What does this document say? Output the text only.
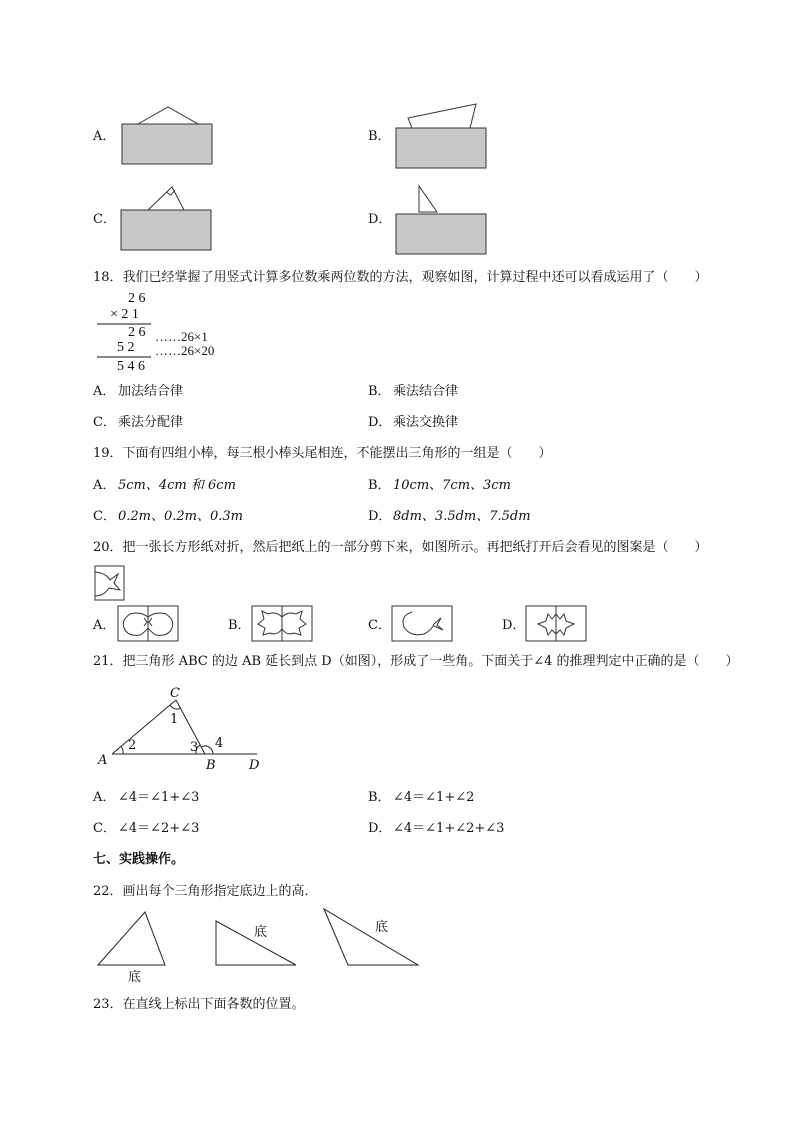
A．	B．
C．	D．
18．我们已经掌握了用竖式计算多位数乘两位数的方法，观察如图，计算过程中还可以看成运用了（　　）
2 6
× 2 1
2 6 ……26×1
5 2 ……26×20
5 4 6
A． 加法结合律	B． 乘法结合律
C． 乘法分配律	D． 乘法交换律
19．下面有四组小棒，每三根小棒头尾相连，不能摆出三角形的一组是（　　）
A． 5cm、4cm 和 6cm	B． 10cm、7cm、3cm
C． 0.2m、0.2m、0.3m	D． 8dm、3.5dm、7.5dm
20．把一张长方形纸对折，然后把纸上的一部分剪下来，如图所示。再把纸打开后会看见的图案是（　　）
A．	B．	C．	D．
21．把三角形 ABC 的边 AB 延长到点 D（如图），形成了一些角。下面关于∠4 的推理判定中正确的是（　　）
C
1
2	3 4
A	B	D
A． ∠4＝∠1+∠3	B． ∠4＝∠1+∠2
C． ∠4＝∠2+∠3	D． ∠4＝∠1+∠2+∠3
七、实践操作。
22．画出每个三角形指定底边上的高．
底
底	底
23．在直线上标出下面各数的位置。
